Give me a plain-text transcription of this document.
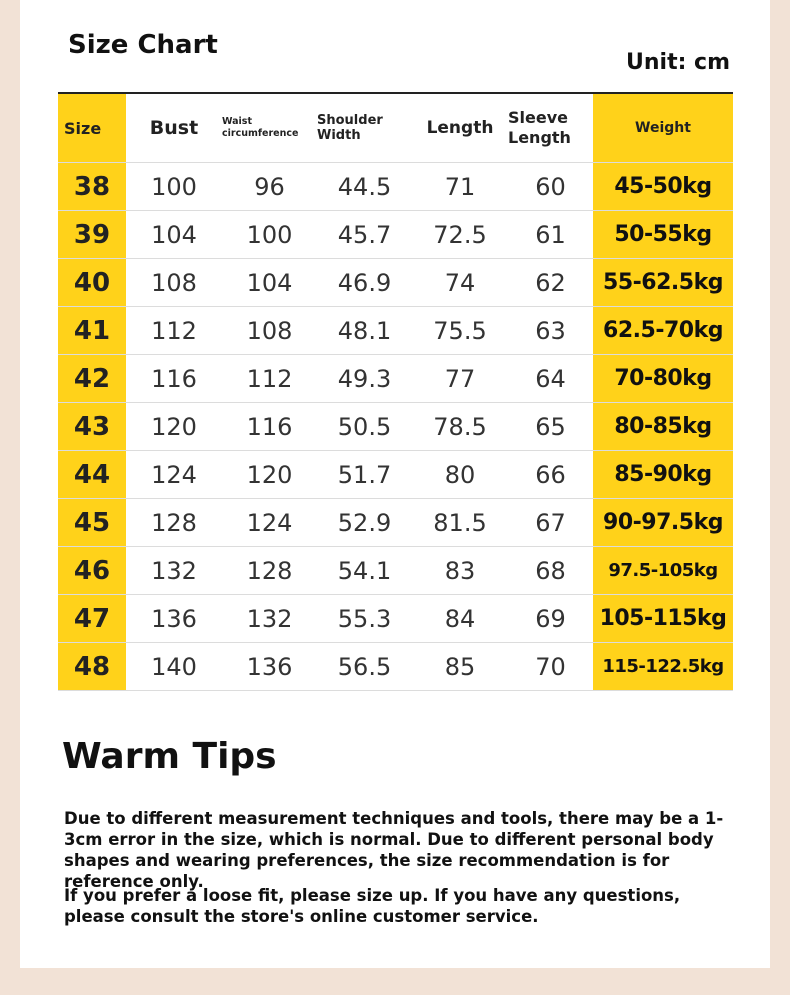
Size Chart
Unit: cm
Size	Bust	Waist circumference	Shoulder Width	Length	Sleeve Length	Weight
38	100	96	44.5	71	60	45-50kg
39	104	100	45.7	72.5	61	50-55kg
40	108	104	46.9	74	62	55-62.5kg
41	112	108	48.1	75.5	63	62.5-70kg
42	116	112	49.3	77	64	70-80kg
43	120	116	50.5	78.5	65	80-85kg
44	124	120	51.7	80	66	85-90kg
45	128	124	52.9	81.5	67	90-97.5kg
46	132	128	54.1	83	68	97.5-105kg
47	136	132	55.3	84	69	105-115kg
48	140	136	56.5	85	70	115-122.5kg
Warm Tips

Due to different measurement techniques and tools, there may be a 1-3cm error in the size, which is normal. Due to different personal body shapes and wearing preferences, the size recommendation is for reference only.

If you prefer a loose fit, please size up. If you have any questions, please consult the store's online customer service.
